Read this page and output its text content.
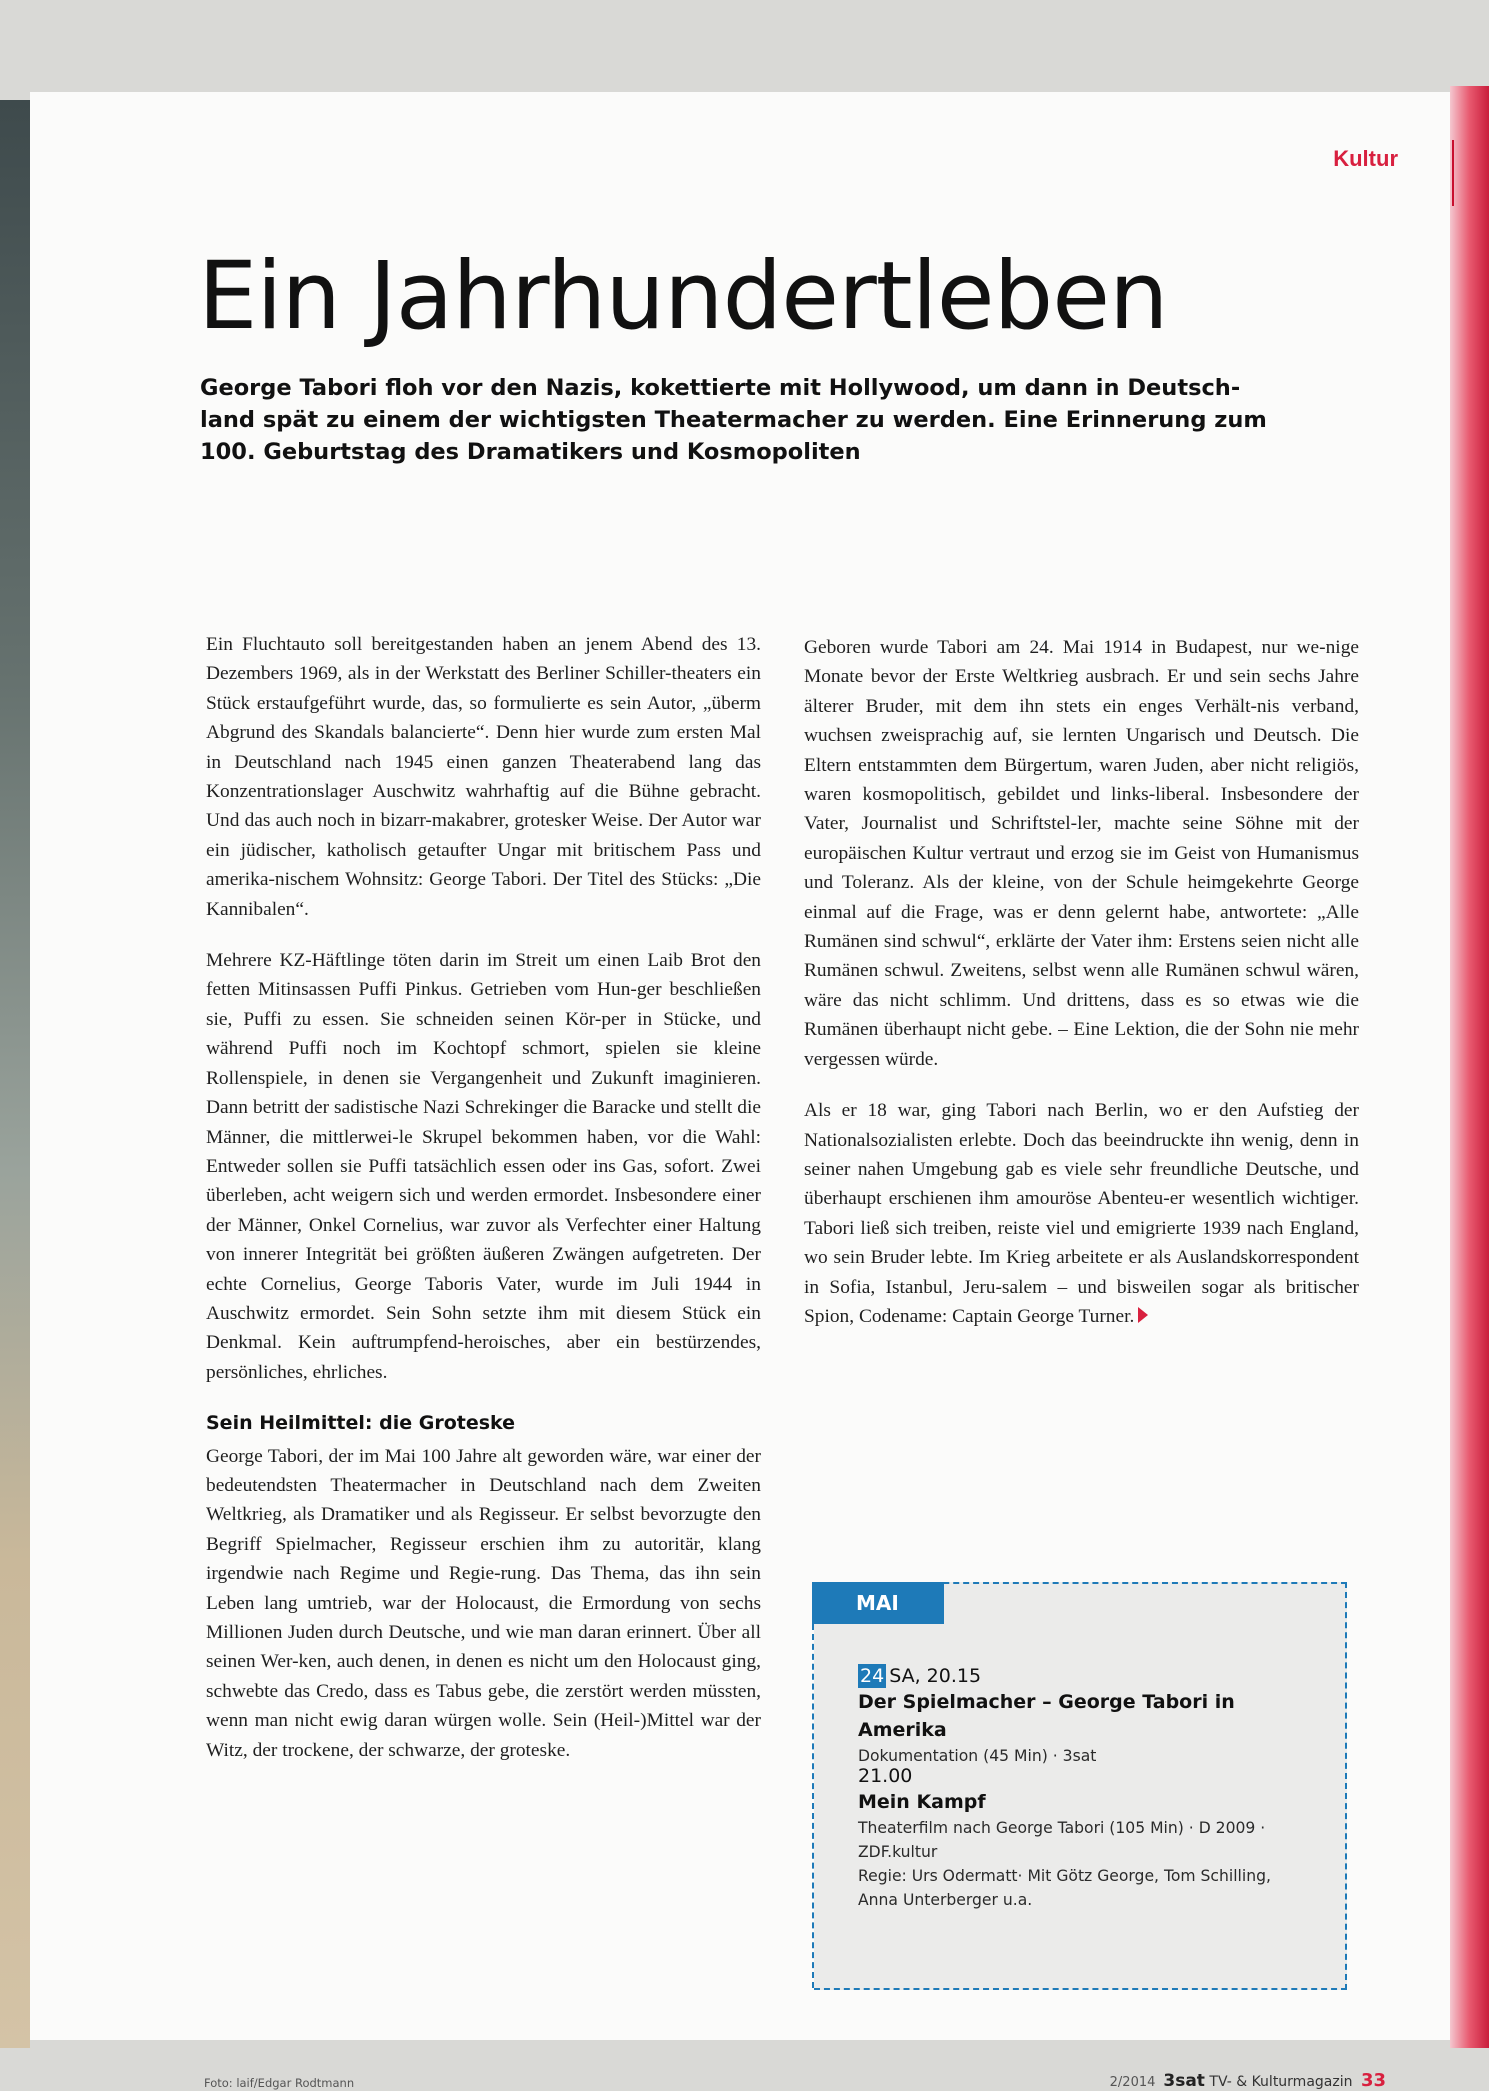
Kultur
Ein Jahrhundertleben

George Tabori floh vor den Nazis, kokettierte mit Hollywood, um dann in Deutsch-land spät zu einem der wichtigsten Theatermacher zu werden. Eine Erinnerung zum 100. Geburtstag des Dramatikers und Kosmopoliten

Ein Fluchtauto soll bereitgestanden haben an jenem Abend des 13. Dezembers 1969, als in der Werkstatt des Berliner Schiller-theaters ein Stück erstaufgeführt wurde, das, so formulierte es sein Autor, „überm Abgrund des Skandals balancierte“. Denn hier wurde zum ersten Mal in Deutschland nach 1945 einen ganzen Theaterabend lang das Konzentrationslager Auschwitz wahrhaftig auf die Bühne gebracht. Und das auch noch in bizarr-makabrer, grotesker Weise. Der Autor war ein jüdischer, katholisch getaufter Ungar mit britischem Pass und amerika-nischem Wohnsitz: George Tabori. Der Titel des Stücks: „Die Kannibalen“.

Mehrere KZ-Häftlinge töten darin im Streit um einen Laib Brot den fetten Mitinsassen Puffi Pinkus. Getrieben vom Hun-ger beschließen sie, Puffi zu essen. Sie schneiden seinen Kör-per in Stücke, und während Puffi noch im Kochtopf schmort, spielen sie kleine Rollenspiele, in denen sie Vergangenheit und Zukunft imaginieren. Dann betritt der sadistische Nazi Schrekinger die Baracke und stellt die Männer, die mittlerwei-le Skrupel bekommen haben, vor die Wahl: Entweder sollen sie Puffi tatsächlich essen oder ins Gas, sofort. Zwei überleben, acht weigern sich und werden ermordet. Insbesondere einer der Männer, Onkel Cornelius, war zuvor als Verfechter einer Haltung von innerer Integrität bei größten äußeren Zwängen aufgetreten. Der echte Cornelius, George Taboris Vater, wurde im Juli 1944 in Auschwitz ermordet. Sein Sohn setzte ihm mit diesem Stück ein Denkmal. Kein auftrumpfend-heroisches, aber ein bestürzendes, persönliches, ehrliches.

Sein Heilmittel: die Groteske

George Tabori, der im Mai 100 Jahre alt geworden wäre, war einer der bedeutendsten Theatermacher in Deutschland nach dem Zweiten Weltkrieg, als Dramatiker und als Regisseur. Er selbst bevorzugte den Begriff Spielmacher, Regisseur erschien ihm zu autoritär, klang irgendwie nach Regime und Regie-rung. Das Thema, das ihn sein Leben lang umtrieb, war der Holocaust, die Ermordung von sechs Millionen Juden durch Deutsche, und wie man daran erinnert. Über all seinen Wer-ken, auch denen, in denen es nicht um den Holocaust ging, schwebte das Credo, dass es Tabus gebe, die zerstört werden müssten, wenn man nicht ewig daran würgen wolle. Sein (Heil-)Mittel war der Witz, der trockene, der schwarze, der groteske.

Geboren wurde Tabori am 24. Mai 1914 in Budapest, nur we-nige Monate bevor der Erste Weltkrieg ausbrach. Er und sein sechs Jahre älterer Bruder, mit dem ihn stets ein enges Verhält-nis verband, wuchsen zweisprachig auf, sie lernten Ungarisch und Deutsch. Die Eltern entstammten dem Bürgertum, waren Juden, aber nicht religiös, waren kosmopolitisch, gebildet und links-liberal. Insbesondere der Vater, Journalist und Schriftstel-ler, machte seine Söhne mit der europäischen Kultur vertraut und erzog sie im Geist von Humanismus und Toleranz. Als der kleine, von der Schule heimgekehrte George einmal auf die Frage, was er denn gelernt habe, antwortete: „Alle Rumänen sind schwul“, erklärte der Vater ihm: Erstens seien nicht alle Rumänen schwul. Zweitens, selbst wenn alle Rumänen schwul wären, wäre das nicht schlimm. Und drittens, dass es so etwas wie die Rumänen überhaupt nicht gebe. – Eine Lektion, die der Sohn nie mehr vergessen würde.

Als er 18 war, ging Tabori nach Berlin, wo er den Aufstieg der Nationalsozialisten erlebte. Doch das beeindruckte ihn wenig, denn in seiner nahen Umgebung gab es viele sehr freundliche Deutsche, und überhaupt erschienen ihm amouröse Abenteu-er wesentlich wichtiger. Tabori ließ sich treiben, reiste viel und emigrierte 1939 nach England, wo sein Bruder lebte. Im Krieg arbeitete er als Auslandskorrespondent in Sofia, Istanbul, Jeru-salem – und bisweilen sogar als britischer Spion, Codename: Captain George Turner.

MAI
24 SA, 20.15
Der Spielmacher – George Tabori in Amerika
Dokumentation (45 Min) · 3sat
21.00
Mein Kampf
Theaterfilm nach George Tabori (105 Min) · D 2009 ·
ZDF.kultur
Regie: Urs Odermatt· Mit Götz George, Tom Schilling,
Anna Unterberger u.a.
Foto: laif/Edgar Rodtmann	2/2014 3sat TV- & Kulturmagazin 33
